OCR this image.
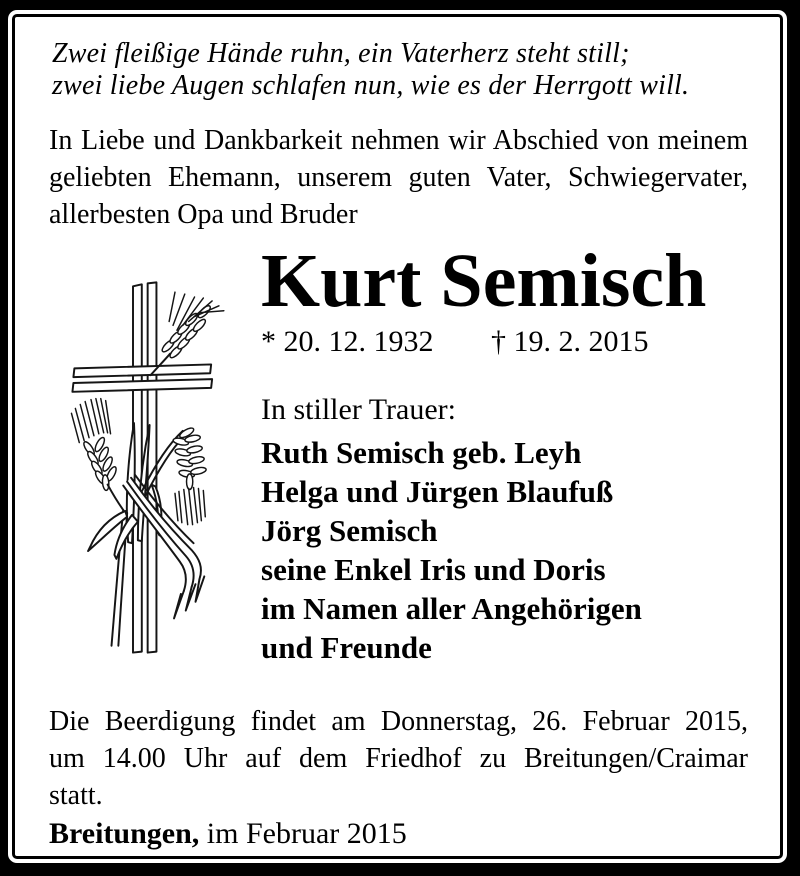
Zwei fleißige Hände ruhn, ein Vaterherz steht still;
zwei liebe Augen schlafen nun, wie es der Herrgott will.
In Liebe und Dankbarkeit nehmen wir Abschied von meinem
geliebten Ehemann, unserem guten Vater, Schwiegervater,
allerbesten Opa und Bruder
Kurt Semisch
* 20. 12. 1932	† 19. 2. 2015
In stiller Trauer:
Ruth Semisch geb. Leyh
Helga und Jürgen Blaufuß
Jörg Semisch
seine Enkel Iris und Doris
im Namen aller Angehörigen
und Freunde
Die Beerdigung findet am Donnerstag, 26. Februar 2015,
um 14.00 Uhr auf dem Friedhof zu Breitungen/Craimar
statt.
Breitungen, im Februar 2015
